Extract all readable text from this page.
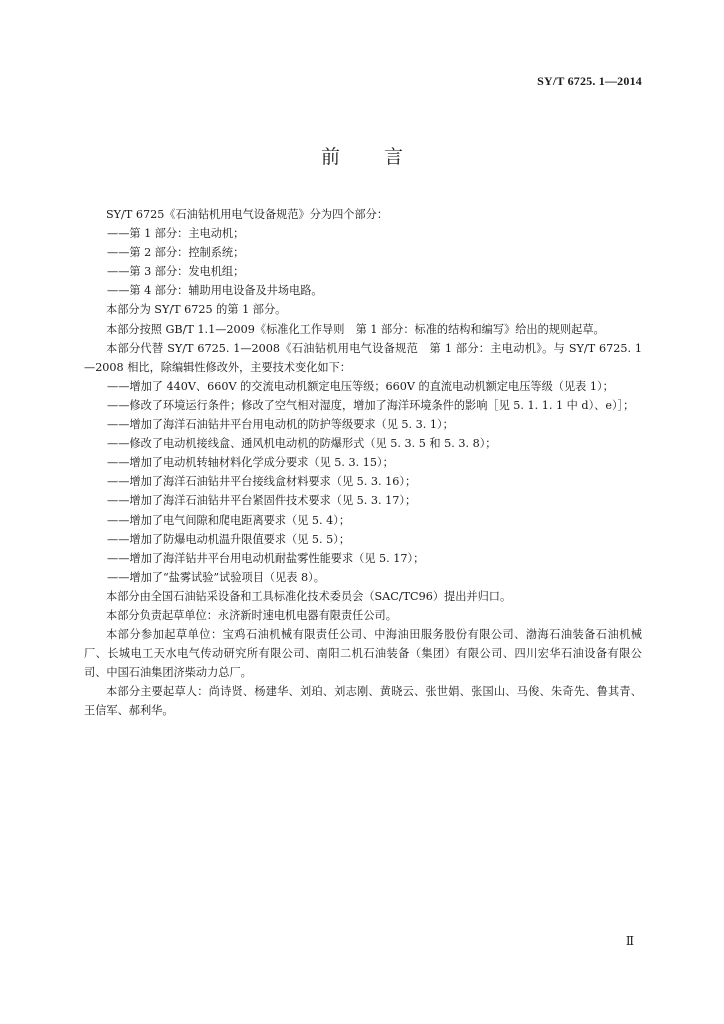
SY/T 6725. 1—2014
前 言

SY/T 6725《石油钻机用电气设备规范》分为四个部分：

——第 1 部分：主电动机；

——第 2 部分：控制系统；

——第 3 部分：发电机组；

——第 4 部分：辅助用电设备及井场电路。

本部分为 SY/T 6725 的第 1 部分。

本部分按照 GB/T 1.1—2009《标准化工作导则　第 1 部分：标准的结构和编写》给出的规则起草。

本部分代替 SY/T 6725. 1—2008《石油钻机用电气设备规范　第 1 部分：主电动机》。与 SY/T 6725. 1—2008 相比，除编辑性修改外，主要技术变化如下：

——增加了 440V、660V 的交流电动机额定电压等级；660V 的直流电动机额定电压等级（见表 1）；

——修改了环境运行条件；修改了空气相对湿度，增加了海洋环境条件的影响［见 5. 1. 1. 1 中 d）、e）］；

——增加了海洋石油钻井平台用电动机的防护等级要求（见 5. 3. 1）；

——修改了电动机接线盒、通风机电动机的防爆形式（见 5. 3. 5 和 5. 3. 8）；

——增加了电动机转轴材料化学成分要求（见 5. 3. 15）；

——增加了海洋石油钻井平台接线盒材料要求（见 5. 3. 16）；

——增加了海洋石油钻井平台紧固件技术要求（见 5. 3. 17）；

——增加了电气间隙和爬电距离要求（见 5. 4）；

——增加了防爆电动机温升限值要求（见 5. 5）；

——增加了海洋钻井平台用电动机耐盐雾性能要求（见 5. 17）；

——增加了“盐雾试验”试验项目（见表 8）。

本部分由全国石油钻采设备和工具标准化技术委员会（SAC/TC96）提出并归口。

本部分负责起草单位：永济新时速电机电器有限责任公司。

本部分参加起草单位：宝鸡石油机械有限责任公司、中海油田服务股份有限公司、渤海石油装备石油机械厂、长城电工天水电气传动研究所有限公司、南阳二机石油装备（集团）有限公司、四川宏华石油设备有限公司、中国石油集团济柴动力总厂。

本部分主要起草人：尚诗贤、杨建华、刘珀、刘志刚、黄晓云、张世娟、张国山、马俊、朱奇先、鲁其青、王信军、郝利华。

Ⅱ
